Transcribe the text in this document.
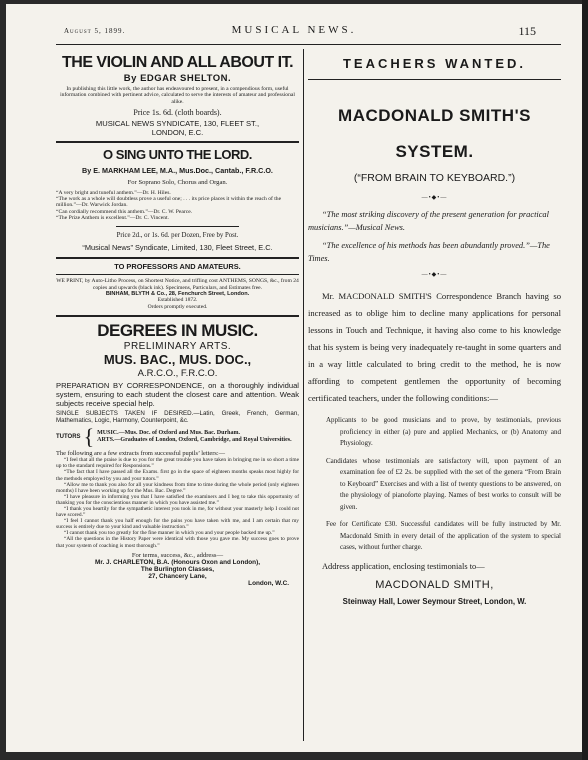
August 5, 1899.	MUSICAL NEWS.	115
THE VIOLIN AND ALL ABOUT IT.
By EDGAR SHELTON.
In publishing this little work, the author has endeavoured to present, in a compendious form, useful information combined with pertinent advice, calculated to serve the interests of amateur and professional alike.
Price 1s. 6d. (cloth boards).
MUSICAL NEWS SYNDICATE, 130, FLEET ST.,
LONDON, E.C.
O SING UNTO THE LORD.
By E. MARKHAM LEE, M.A., Mus.Doc., Cantab., F.R.C.O.
For Soprano Solo, Chorus and Organ.
“A very bright and tuneful anthem.”—Dr. H. Hiles.
“The work as a whole will doubtless prove a useful one; . . . its price places it within the reach of the million.”—Dr. Warwick Jordan.
“Can cordially recommend this anthem.”—Dr. C. W. Pearce.
“The Prize Anthem is excellent.”—Dr. C. Vincent.
Price 2d., or 1s. 6d. per Dozen, Free by Post.
“Musical News” Syndicate, Limited, 130, Fleet Street, E.C.
TO PROFESSORS AND AMATEURS.
WE PRINT, by Auto-Litho Process, on Shortest Notice, and trifling cost ANTHEMS, SONGS, &c., from 24 copies and upwards (black ink). Specimens, Particulars, and Estimates free.
BINHAM, BLYTH & Co., 28, Fenchurch Street, London.
Established 1872.
Orders promptly executed.
DEGREES IN MUSIC.
PRELIMINARY ARTS.
MUS. BAC., MUS. DOC.,
A.R.C.O., F.R.C.O.
PREPARATION BY CORRESPONDENCE, on a thoroughly individual system, ensuring to each student the closest care and attention. Weak subjects receive special help.
SINGLE SUBJECTS TAKEN IF DESIRED.—Latin, Greek, French, German, Mathematics, Logic, Harmony, Counterpoint, &c.
TUTORS { MUSIC.—Mus. Doc. of Oxford and Mus. Bac. Durham.
ARTS.—Graduates of London, Oxford, Cambridge, and Royal Universities.
The following are a few extracts from successful pupils’ letters:—
“I feel that all the praise is due to you for the great trouble you have taken in bringing me in so short a time up to the standard required for Responsions.”
“The fact that I have passed all the Exams. first go in the space of eighteen months speaks most highly for the methods employed by you and your tutors.”
“Allow me to thank you also for all your kindness from time to time during the whole period (only eighteen months) I have been working up for the Mus. Bac. Degree.”
“I have pleasure in informing you that I have satisfied the examiners and I beg to take this opportunity of thanking you for the conscientious manner in which you have assisted me.”
“I thank you heartily for the sympathetic interest you took in me, for without your masterly help I could not have scored.”
“I feel I cannot thank you half enough for the pains you have taken with me, and I am certain that my success is entirely due to your kind and valuable instruction.”
“I cannot thank you too greatly for the fine manner in which you and your people backed me up.”
“All the questions in the History Paper were identical with those you gave me. My success goes to prove that your system of coaching is most thorough.”
For terms, success, &c., address—
Mr. J. CHARLETON, B.A. (Honours Oxon and London),
The Burlington Classes,
27, Chancery Lane,
London, W.C.
TEACHERS WANTED.
MACDONALD SMITH'S
SYSTEM.
(“FROM BRAIN TO KEYBOARD.”)
—•◆•—
“The most striking discovery of the present generation for practical musicians.”—Musical News.
“The excellence of his methods has been abundantly proved.”—The Times.
—•◆•—
Mr. MACDONALD SMITH'S Correspondence Branch having so increased as to oblige him to decline many applications for personal lessons in Touch and Technique, it having also come to his knowledge that his system is being very inadequately re-taught in some quarters and in a way little calculated to bring credit to the method, he is now affording to competent gentlemen the opportunity of becoming certificated teachers, under the following conditions:—
Applicants to be good musicians and to prove, by testimonials, previous proficiency in either (a) pure and applied Mechanics, or (b) Anatomy and Physiology.
Candidates whose testimonials are satisfactory will, upon payment of an examination fee of £2 2s. be supplied with the set of the genera “From Brain to Keyboard” Exercises and with a list of twenty questions to be answered, on the physiology of pianoforte playing. Names of best works to consult will be given.
Fee for Certificate £30. Successful candidates will be fully instructed by Mr. Macdonald Smith in every detail of the application of the system to special cases, without further charge.
Address application, enclosing testimonials to—
MACDONALD SMITH,
Steinway Hall, Lower Seymour Street, London, W.
